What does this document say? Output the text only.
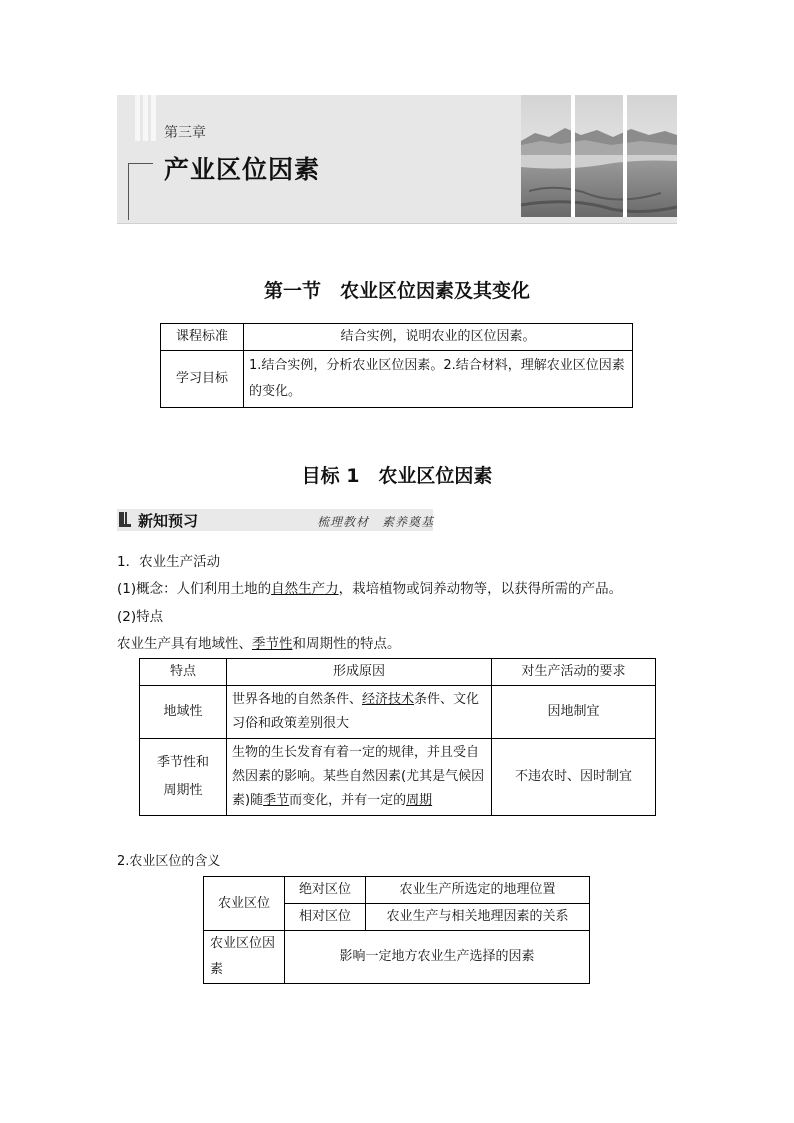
第三章
产业区位因素
第一节　农业区位因素及其变化
课程标准	结合实例，说明农业的区位因素。
学习目标	1.结合实例，分析农业区位因素。2.结合材料，理解农业区位因素的变化。
目标 1　农业区位因素
新知预习	梳理教材　素养奠基
1．农业生产活动
(1)概念：人们利用土地的自然生产力，栽培植物或饲养动物等，以获得所需的产品。
(2)特点
农业生产具有地域性、季节性和周期性的特点。
特点	形成原因	对生产活动的要求
地域性	世界各地的自然条件、经济技术条件、文化习俗和政策差别很大	因地制宜
季节性和周期性	生物的生长发育有着一定的规律，并且受自然因素的影响。某些自然因素(尤其是气候因素)随季节而变化，并有一定的周期	不违农时、因时制宜
2.农业区位的含义
农业区位	绝对区位	农业生产所选定的地理位置
	相对区位	农业生产与相关地理因素的关系
农业区位因素	影响一定地方农业生产选择的因素	
